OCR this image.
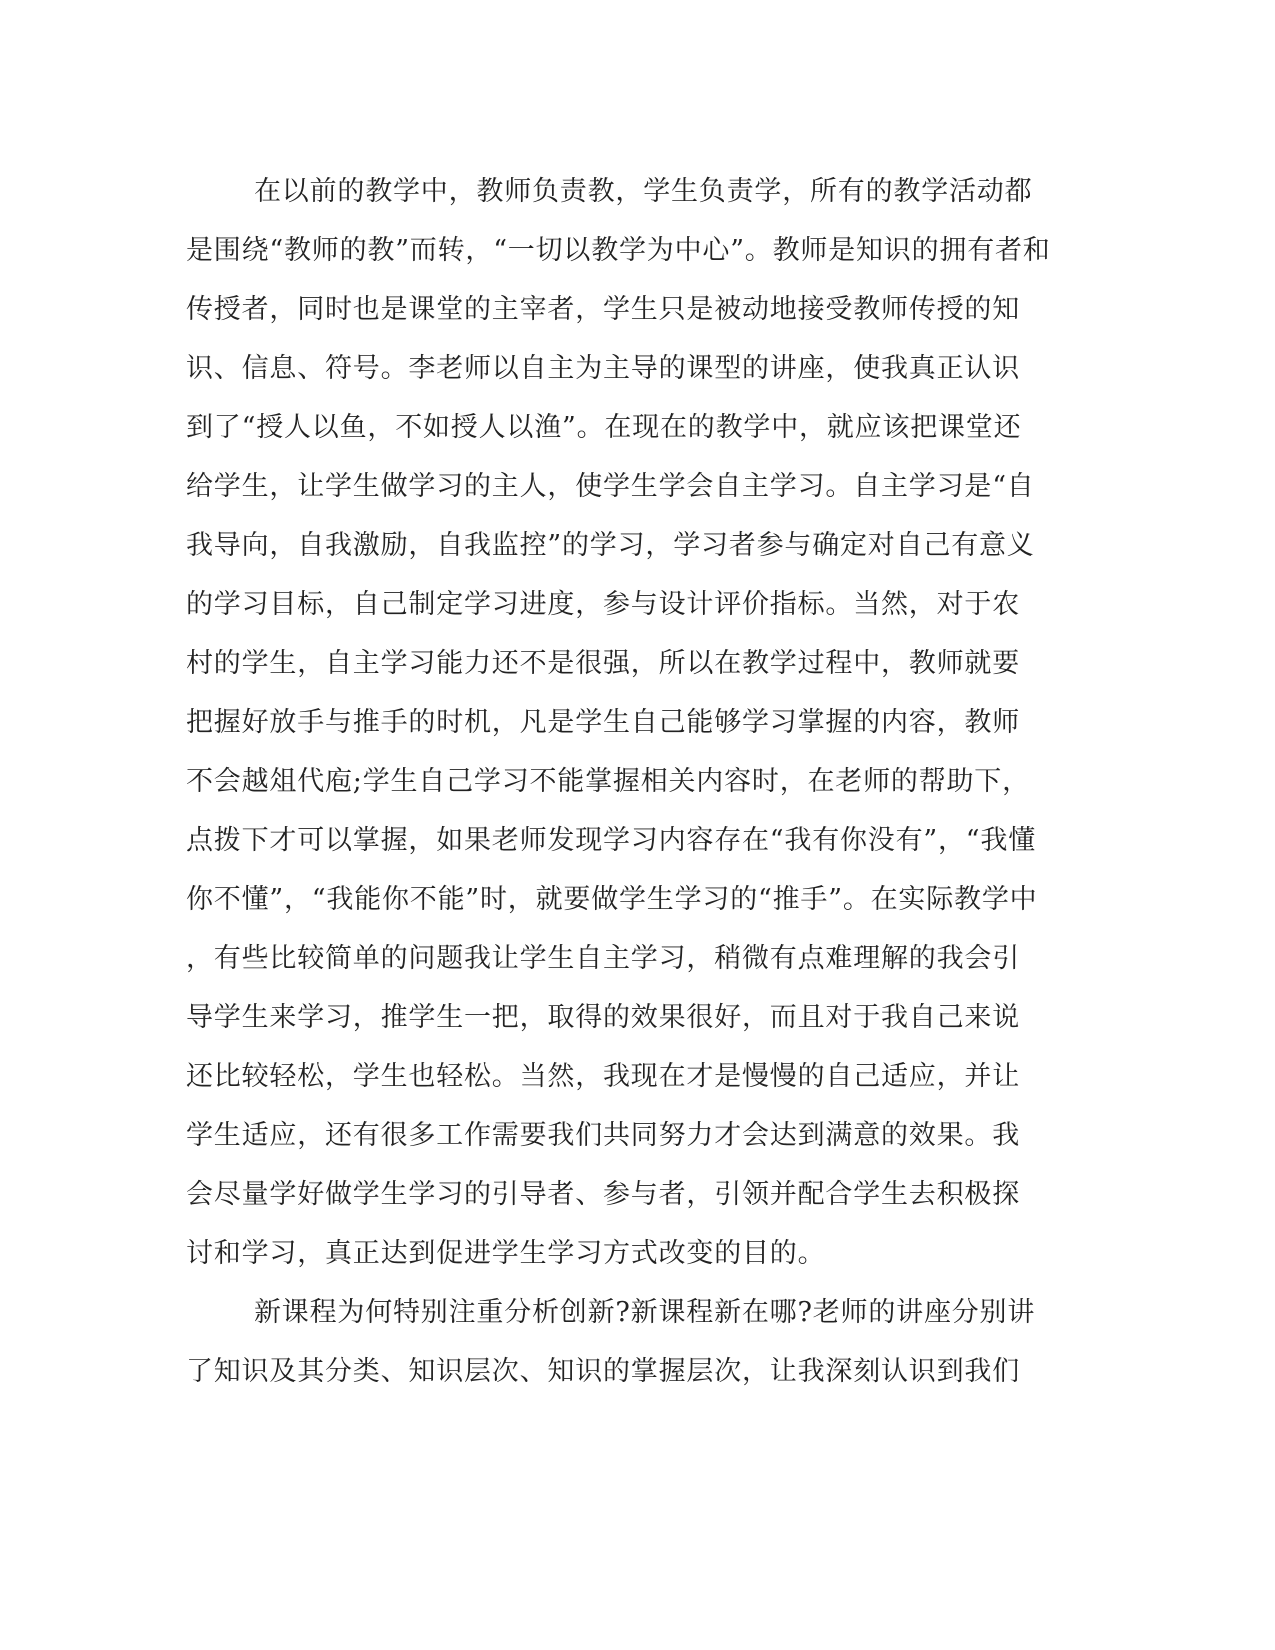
在以前的教学中，教师负责教，学生负责学，所有的教学活动都
是围绕“教师的教”而转，“一切以教学为中心”。教师是知识的拥有者和
传授者，同时也是课堂的主宰者，学生只是被动地接受教师传授的知
识、信息、符号。李老师以自主为主导的课型的讲座，使我真正认识
到了“授人以鱼，不如授人以渔”。在现在的教学中，就应该把课堂还
给学生，让学生做学习的主人，使学生学会自主学习。自主学习是“自
我导向，自我激励，自我监控”的学习，学习者参与确定对自己有意义
的学习目标，自己制定学习进度，参与设计评价指标。当然，对于农
村的学生，自主学习能力还不是很强，所以在教学过程中，教师就要
把握好放手与推手的时机，凡是学生自己能够学习掌握的内容，教师
不会越俎代庖;学生自己学习不能掌握相关内容时，在老师的帮助下，
点拨下才可以掌握，如果老师发现学习内容存在“我有你没有”，“我懂
你不懂”，“我能你不能”时，就要做学生学习的“推手”。在实际教学中
，有些比较简单的问题我让学生自主学习，稍微有点难理解的我会引
导学生来学习，推学生一把，取得的效果很好，而且对于我自己来说
还比较轻松，学生也轻松。当然，我现在才是慢慢的自己适应，并让
学生适应，还有很多工作需要我们共同努力才会达到满意的效果。我
会尽量学好做学生学习的引导者、参与者，引领并配合学生去积极探
讨和学习，真正达到促进学生学习方式改变的目的。
新课程为何特别注重分析创新?新课程新在哪?老师的讲座分别讲
了知识及其分类、知识层次、知识的掌握层次，让我深刻认识到我们
